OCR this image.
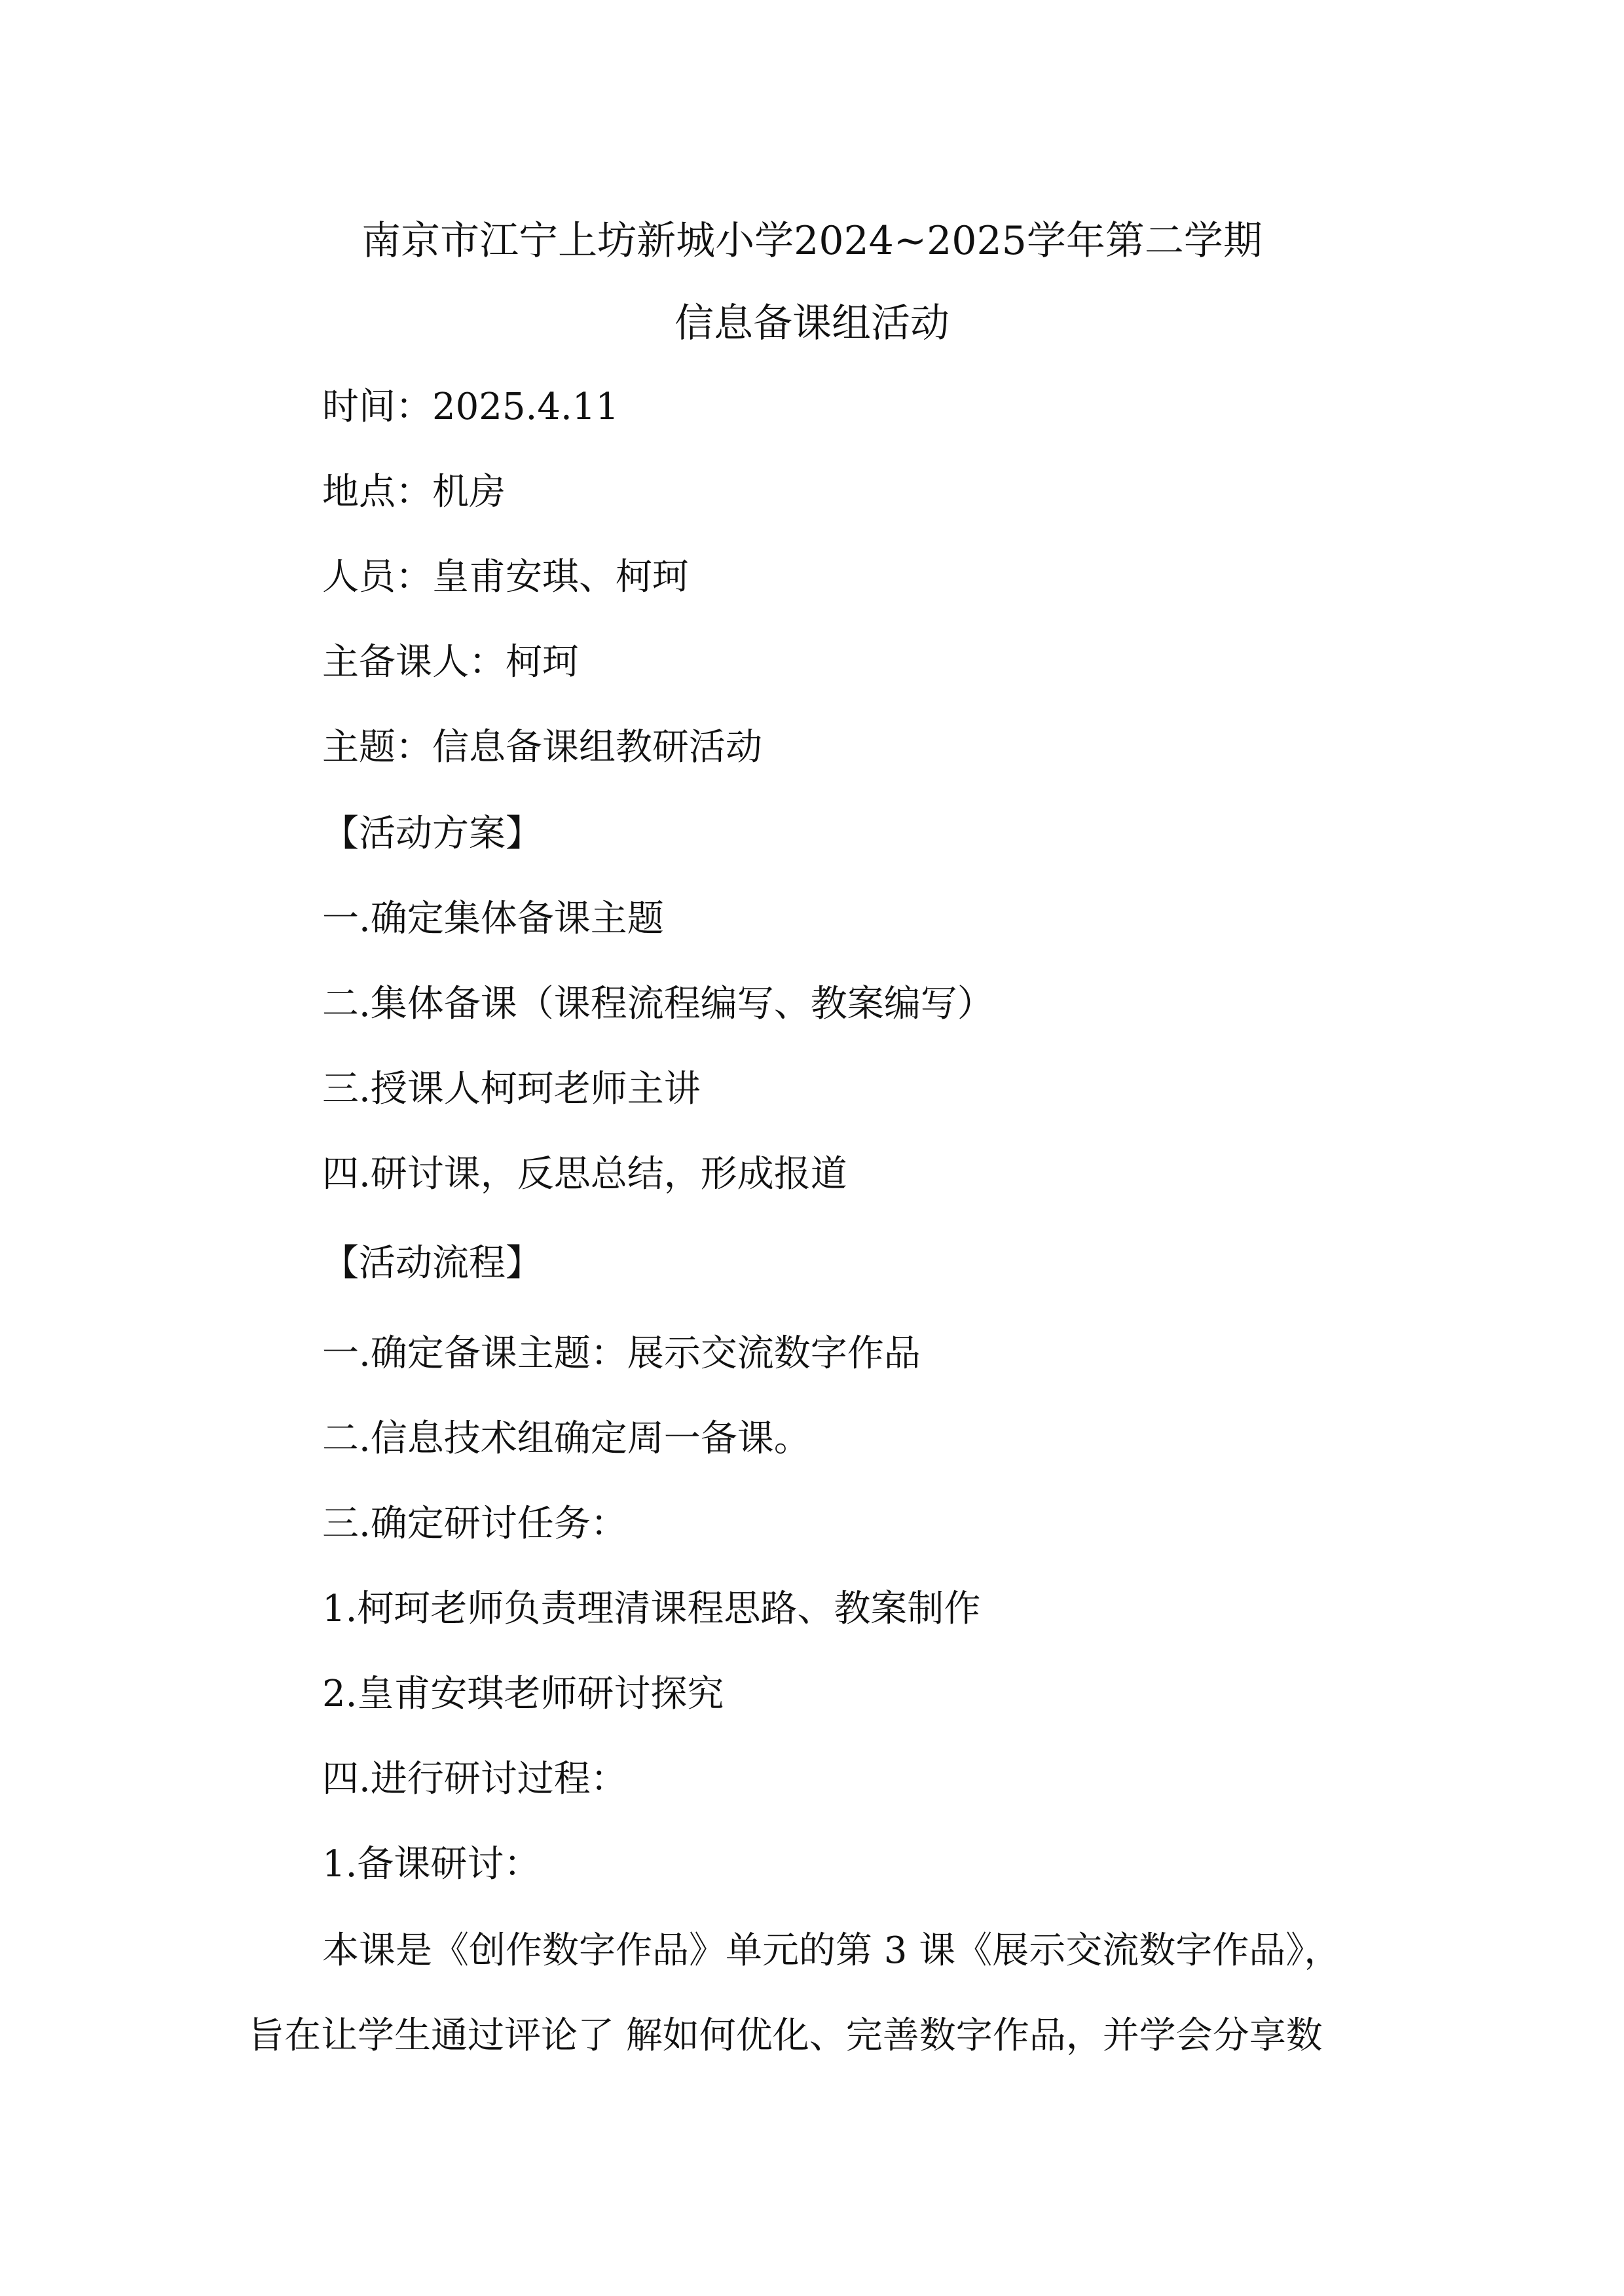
南京市江宁上坊新城小学2024~2025学年第二学期
信息备课组活动
时间：2025.4.11
地点：机房
人员：皇甫安琪、柯珂
主备课人：柯珂
主题：信息备课组教研活动
【活动方案】
一.确定集体备课主题
二.集体备课（课程流程编写、教案编写）
三.授课人柯珂老师主讲
四.研讨课，反思总结，形成报道
【活动流程】
一.确定备课主题：展示交流数字作品
二.信息技术组确定周一备课。
三.确定研讨任务：
1.柯珂老师负责理清课程思路、教案制作
2.皇甫安琪老师研讨探究
四.进行研讨过程：
1.备课研讨：
本课是《创作数字作品》单元的第 3 课《展示交流数字作品》，
旨在让学生通过评论了 解如何优化、完善数字作品，并学会分享数
